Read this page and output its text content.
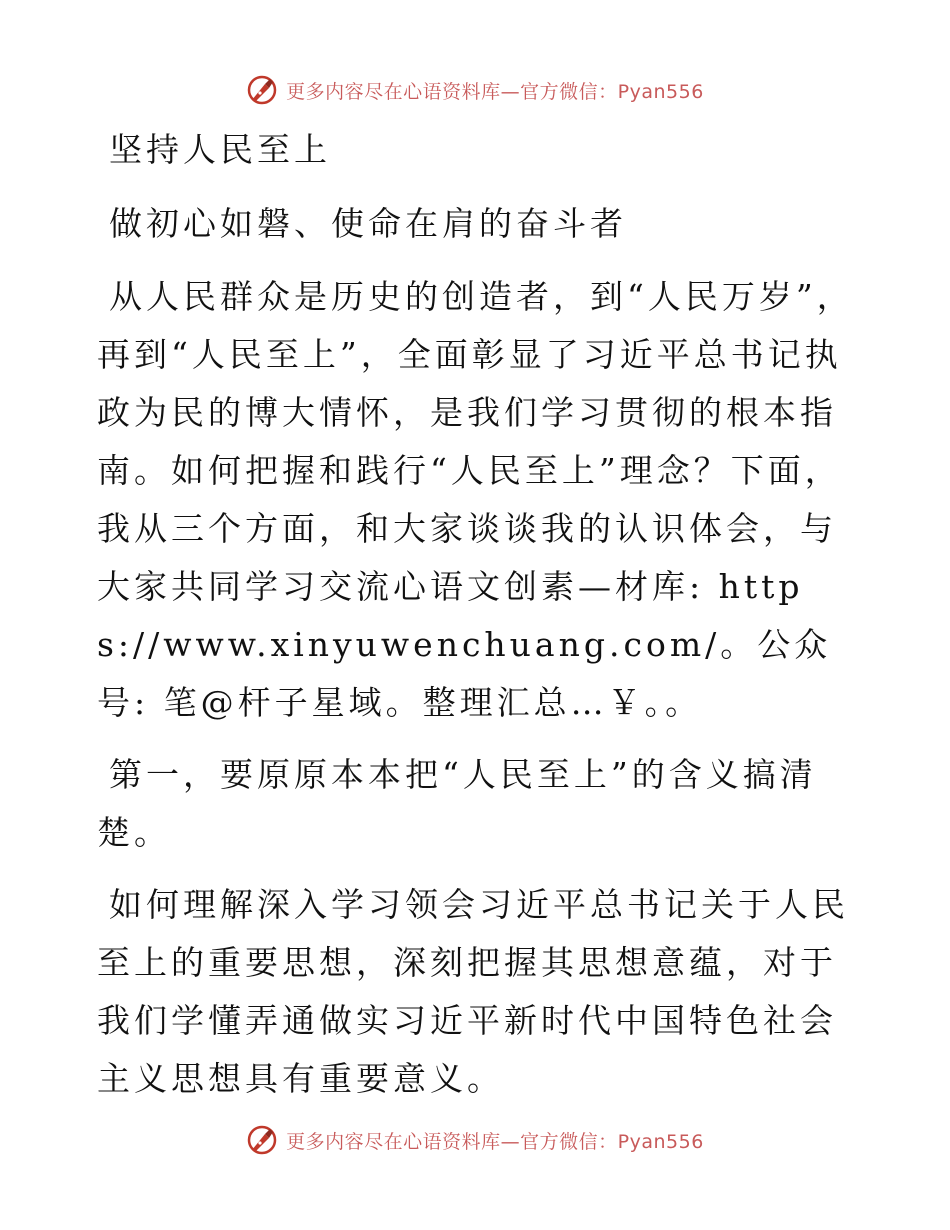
更多内容尽在心语资料库—官方微信：Pyan556

坚持人民至上

做初心如磐、使命在肩的奋斗者

从人民群众是历史的创造者，到“人民万岁”，再到“人民至上”，全面彰显了习近平总书记执政为民的博大情怀，是我们学习贯彻的根本指南。如何把握和践行“人民至上”理念？下面，我从三个方面，和大家谈谈我的认识体会，与大家共同学习交流心语文创素—材库: https://www.xinyuwenchuang.com/。公众号: 笔@杆子星域。整理汇总…￥。。

第一，要原原本本把“人民至上”的含义搞清楚。

如何理解深入学习领会习近平总书记关于人民至上的重要思想，深刻把握其思想意蕴，对于我们学懂弄通做实习近平新时代中国特色社会主义思想具有重要意义。

更多内容尽在心语资料库—官方微信：Pyan556
